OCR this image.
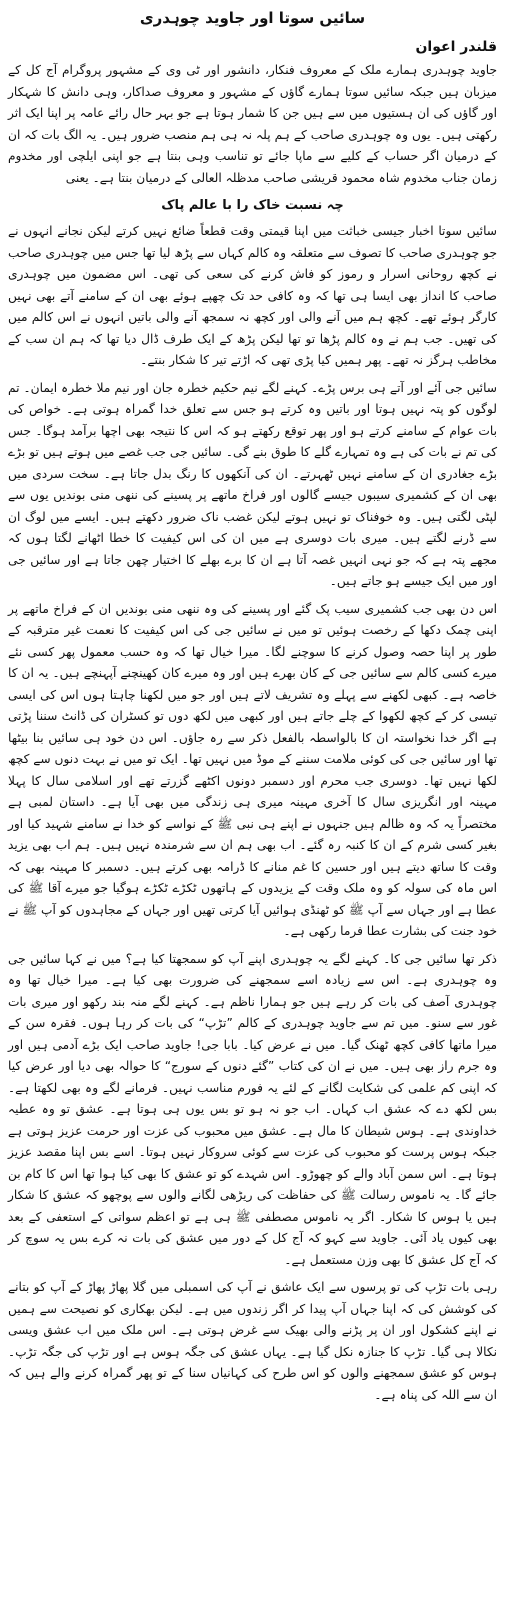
سائیں سوتا اور جاوید چوہدری
قلندر اعوان

جاوید چوہدری ہمارے ملک کے معروف فنکار، دانشور اور ٹی وی کے مشہور پروگرام آج کل کے میزبان ہیں جبکہ سائیں سوتا ہمارے گاؤں کے مشہور و معروف صداکار، وہی دانش کا شہکار اور گاؤں کی ان ہستیوں میں سے ہیں جن کا شمار ہوتا ہے جو بہر حال رائے عامہ پر اپنا ایک اثر رکھتی ہیں۔ یوں وہ چوہدری صاحب کے ہم پلہ نہ ہی ہم منصب ضرور ہیں۔ یہ الگ بات کہ ان کے درمیان اگر حساب کے کلیے سے ماپا جائے تو تناسب وہی بنتا ہے جو اپنی ایلچی اور مخدوم زمان جناب مخدوم شاہ محمود قریشی صاحب مدظلہ العالی کے درمیان بنتا ہے۔ یعنی

چہ نسبت خاک را با عالم پاک

سائیں سوتا اخبار جیسی خباثت میں اپنا قیمتی وقت قطعاً ضائع نہیں کرتے لیکن نجانے انہوں نے جو چوہدری صاحب کا تصوف سے متعلقہ وہ کالم کہاں سے پڑھ لیا تھا جس میں چوہدری صاحب نے کچھ روحانی اسرار و رموز کو فاش کرنے کی سعی کی تھی۔ اس مضمون میں چوہدری صاحب کا انداز بھی ایسا ہی تھا کہ وہ کافی حد تک چھپے ہوئے بھی ان کے سامنے آتے بھی نہیں کارگر ہوئے تھے۔ کچھ ہم میں آنے والی اور کچھ نہ سمجھ آنے والی باتیں انہوں نے اس کالم میں کی تھیں۔ جب ہم نے وہ کالم پڑھا تو تھا لیکن پڑھ کے ایک طرف ڈال دیا تھا کہ ہم ان سب کے مخاطب ہرگز نہ تھے۔ پھر ہمیں کیا پڑی تھی کہ اڑتے تیر کا شکار بنتے۔

سائیں جی آئے اور آتے ہی برس پڑے۔ کہنے لگے نیم حکیم خطرہ جان اور نیم ملا خطرہ ایمان۔ تم لوگوں کو پتہ نہیں ہوتا اور باتیں وہ کرتے ہو جس سے تعلق خدا گمراہ ہوتی ہے۔ خواص کی بات عوام کے سامنے کرتے ہو اور پھر توقع رکھتے ہو کہ اس کا نتیجہ بھی اچھا برآمد ہوگا۔ جس کی تم نے بات کی ہے وہ تمہارے گلے کا طوق بنے گی۔ سائیں جی جب غصے میں ہوتے ہیں تو بڑے بڑے جغادری ان کے سامنے نہیں ٹھہرتے۔ ان کی آنکھوں کا رنگ بدل جاتا ہے۔ سخت سردی میں بھی ان کے کشمیری سیبوں جیسے گالوں اور فراخ ماتھے پر پسینے کی ننھی منی بوندیں یوں سے لپٹی لگتی ہیں۔ وہ خوفناک تو نہیں ہوتے لیکن غضب ناک ضرور دکھتے ہیں۔ ایسے میں لوگ ان سے ڈرنے لگتے ہیں۔ میری بات دوسری ہے میں ان کی اس کیفیت کا خطا اٹھانے لگتا ہوں کہ مجھے پتہ ہے کہ جو نہی انہیں غصہ آتا ہے ان کا برے بھلے کا اختیار چھن جاتا ہے اور سائیں جی اور میں ایک جیسے ہو جاتے ہیں۔

اس دن بھی جب کشمیری سیب پک گئے اور پسینے کی وہ ننھی منی بوندیں ان کے فراخ ماتھے پر اپنی چمک دکھا کے رخصت ہوئیں تو میں نے سائیں جی کی اس کیفیت کا نعمت غیر مترقبہ کے طور پر اپنا حصہ وصول کرنے کا سوچنے لگا۔ میرا خیال تھا کہ وہ حسب معمول پھر کسی نئے میرے کسی کالم سے سائیں جی کے کان بھرے ہیں اور وہ میرے کان کھینچنے آپہنچے ہیں۔ یہ ان کا خاصہ ہے۔ کبھی لکھنے سے پہلے وہ تشریف لاتے ہیں اور جو میں لکھنا چاہتا ہوں اس کی ایسی تیسی کر کے کچھ لکھوا کے چلے جاتے ہیں اور کبھی میں لکھ دوں تو کسٹران کی ڈانٹ سننا پڑتی ہے اگر خدا نخواستہ ان کا بالواسطہ بالفعل ذکر سے رہ جاؤں۔ اس دن خود ہی سائیں بنا بیٹھا تھا اور سائیں جی کی کوئی ملامت سننے کے موڈ میں نہیں تھا۔ ایک تو میں نے بہت دنوں سے کچھ لکھا نہیں تھا۔ دوسری جب محرم اور دسمبر دونوں اکٹھے گزرتے تھے اور اسلامی سال کا پہلا مہینہ اور انگریزی سال کا آخری مہینہ میری ہی زندگی میں بھی آیا ہے۔ داستان لمبی ہے مختصراً یہ کہ وہ ظالم ہیں جنہوں نے اپنے ہی نبی ﷺ کے نواسے کو خدا نے سامنے شہید کیا اور بغیر کسی شرم کے ان کا کنبہ رہ گئے۔ اب بھی ہم ان سے شرمندہ نہیں ہیں۔ ہم اب بھی یزید وقت کا ساتھ دیتے ہیں اور حسین کا غم منانے کا ڈرامہ بھی کرتے ہیں۔ دسمبر کا مہینہ بھی کہ اس ماہ کی سولہ کو وہ ملک وقت کے یزیدوں کے ہاتھوں ٹکڑے ٹکڑے ہوگیا جو میرے آقا ﷺ کی عطا ہے اور جہاں سے آپ ﷺ کو ٹھنڈی ہوائیں آیا کرتی تھیں اور جہاں کے مجاہدوں کو آپ ﷺ نے خود جنت کی بشارت عطا فرما رکھی ہے۔

ذکر تھا سائیں جی کا۔ کہنے لگے یہ چوہدری اپنے آپ کو سمجھتا کیا ہے؟ میں نے کہا سائیں جی وہ چوہدری ہے۔ اس سے زیادہ اسے سمجھنے کی ضرورت بھی کیا ہے۔ میرا خیال تھا وہ چوہدری آصف کی بات کر رہے ہیں جو ہمارا ناظم ہے۔ کہنے لگے منہ بند رکھو اور میری بات غور سے سنو۔ میں تم سے جاوید چوہدری کے کالم ”تڑپ“ کی بات کر رہا ہوں۔ فقرہ سن کے میرا ماتھا کافی کچھ ٹھنک گیا۔ میں نے عرض کیا۔ بابا جی! جاوید صاحب ایک بڑے آدمی ہیں اور وہ جرم راز بھی ہیں۔ میں نے ان کی کتاب ”گئے دنوں کے سورج“ کا حوالہ بھی دیا اور عرض کیا کہ اپنی کم علمی کی شکایت لگانے کے لئے یہ فورم مناسب نہیں۔ فرمانے لگے وہ بھی لکھتا ہے۔ بس لکھ دے کہ عشق اب کہاں۔ اب جو نہ ہو تو بس یوں ہی ہوتا ہے۔ عشق تو وہ عطیہ خداوندی ہے۔ ہوس شیطان کا مال ہے۔ عشق میں محبوب کی عزت اور حرمت عزیز ہوتی ہے جبکہ ہوس پرست کو محبوب کی عزت سے کوئی سروکار نہیں ہوتا۔ اسے بس اپنا مقصد عزیز ہوتا ہے۔ اس سمن آباد والے کو چھوڑو۔ اس شہدے کو تو عشق کا بھی کیا ہوا تھا اس کا کام بن جائے گا۔ یہ ناموس رسالت ﷺ کی حفاظت کی ریڑھی لگانے والوں سے پوچھو کہ عشق کا شکار ہیں یا ہوس کا شکار۔ اگر یہ ناموس مصطفی ﷺ ہی ہے تو اعظم سواتی کے استعفی کے بعد بھی کیوں یاد آئی۔ جاوید سے کہو کہ آج کل کے دور میں عشق کی بات نہ کرے بس یہ سوچ کر کہ آج کل عشق کا بھی وزن مستعمل ہے۔

رہی بات تڑپ کی تو پرسوں سے ایک عاشق نے آپ کی اسمبلی میں گلا پھاڑ پھاڑ کے آپ کو بتانے کی کوشش کی کہ اپنا جہاں آپ پیدا کر اگر زندوں میں ہے۔ لیکن بھکاری کو نصیحت سے ہمیں نے اپنے کشکول اور ان پر پڑنے والی بھیک سے غرض ہوتی ہے۔ اس ملک میں اب عشق ویسی نکالا ہی گیا۔ تڑپ کا جنازہ نکل گیا ہے۔ یہاں عشق کی جگہ ہوس ہے اور تڑپ کی جگہ تڑپ۔ ہوس کو عشق سمجھنے والوں کو اس طرح کی کہانیاں سنا کے تو پھر گمراہ کرنے والے ہیں کہ ان سے اللہ کی پناہ ہے۔
